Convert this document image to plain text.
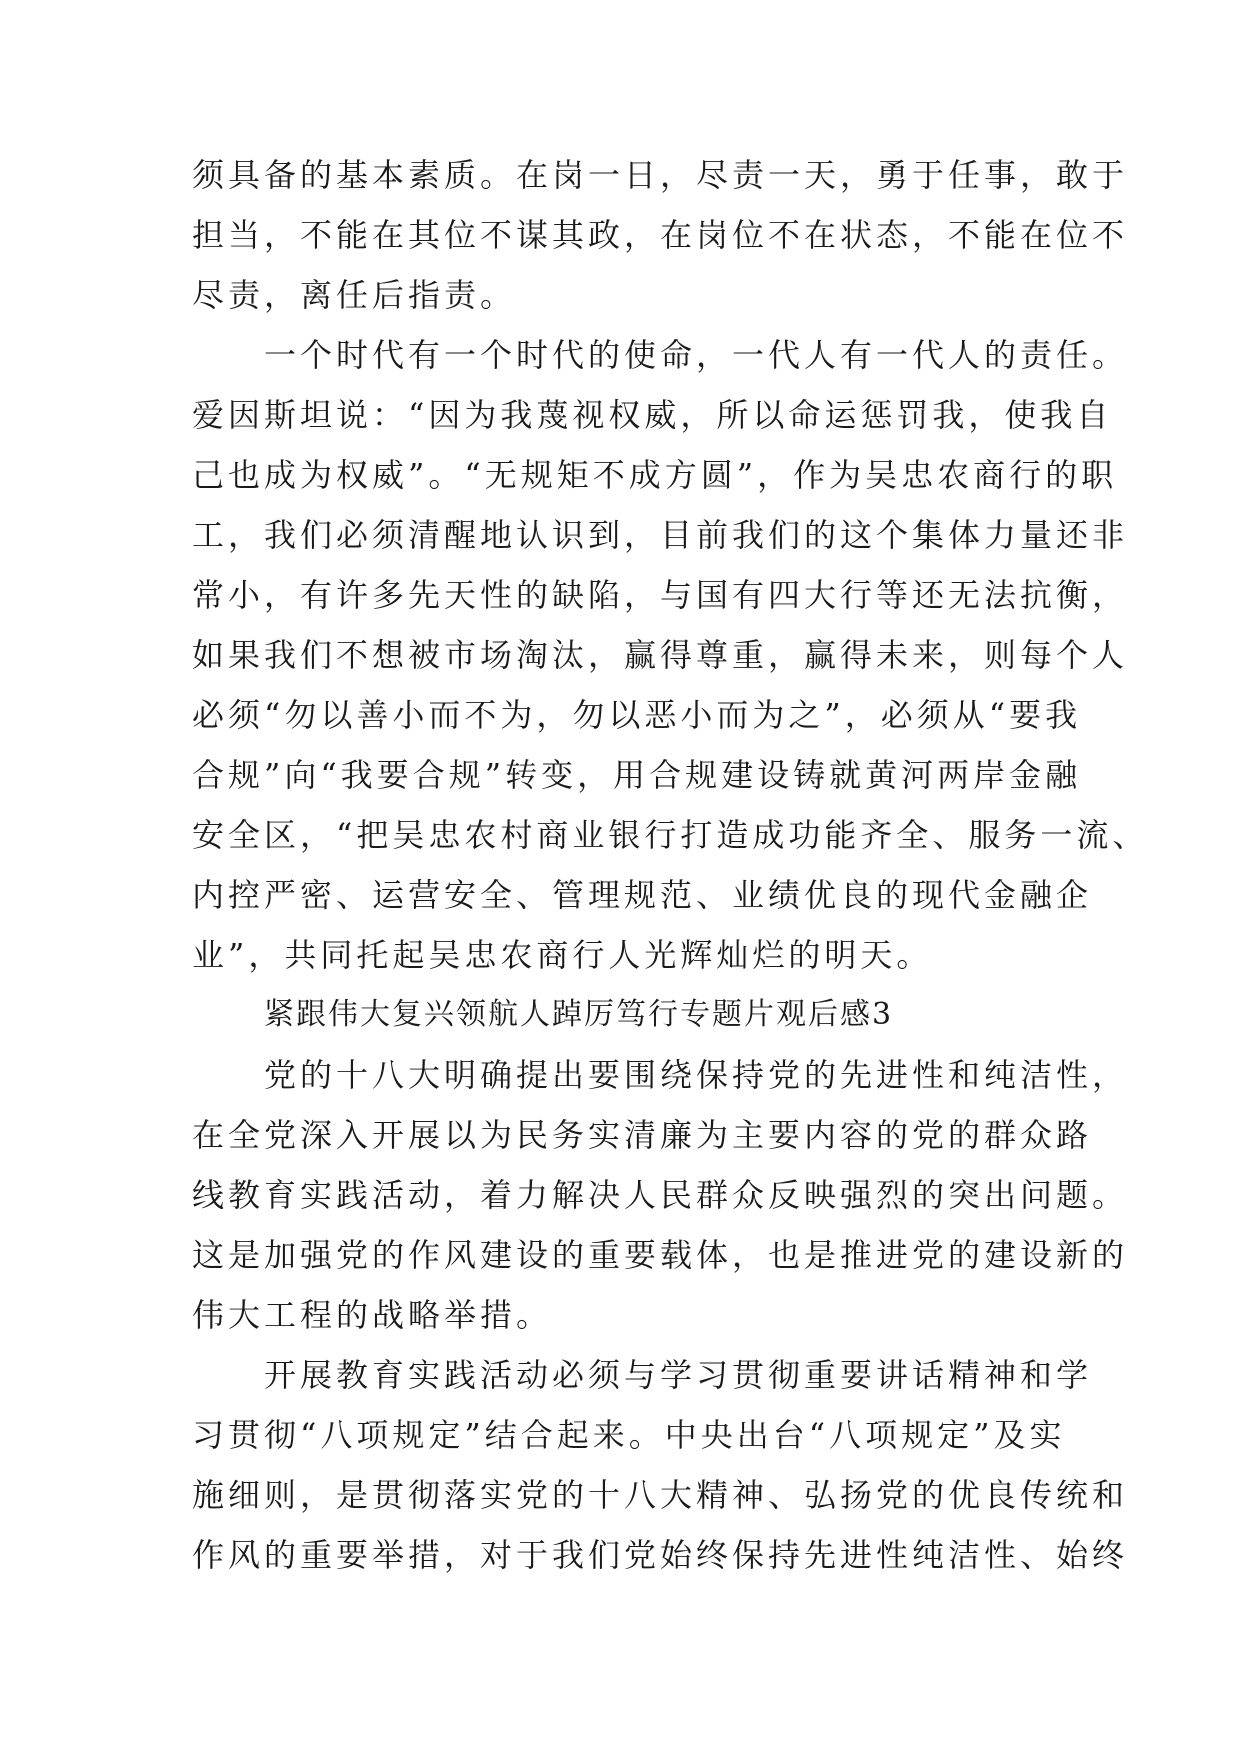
须具备的基本素质。在岗一日，尽责一天，勇于任事，敢于
担当，不能在其位不谋其政，在岗位不在状态，不能在位不
尽责，离任后指责。
一个时代有一个时代的使命，一代人有一代人的责任。
爱因斯坦说：“因为我蔑视权威，所以命运惩罚我，使我自
己也成为权威”。“无规矩不成方圆”，作为吴忠农商行的职
工，我们必须清醒地认识到，目前我们的这个集体力量还非
常小，有许多先天性的缺陷，与国有四大行等还无法抗衡，
如果我们不想被市场淘汰，赢得尊重，赢得未来，则每个人
必须“勿以善小而不为，勿以恶小而为之”，必须从“要我
合规”向“我要合规”转变，用合规建设铸就黄河两岸金融
安全区，“把吴忠农村商业银行打造成功能齐全、服务一流、
内控严密、运营安全、管理规范、业绩优良的现代金融企
业”，共同托起吴忠农商行人光辉灿烂的明天。
紧跟伟大复兴领航人踔厉笃行专题片观后感3
党的十八大明确提出要围绕保持党的先进性和纯洁性，
在全党深入开展以为民务实清廉为主要内容的党的群众路
线教育实践活动，着力解决人民群众反映强烈的突出问题。
这是加强党的作风建设的重要载体，也是推进党的建设新的
伟大工程的战略举措。
开展教育实践活动必须与学习贯彻重要讲话精神和学
习贯彻“八项规定”结合起来。中央出台“八项规定”及实
施细则，是贯彻落实党的十八大精神、弘扬党的优良传统和
作风的重要举措，对于我们党始终保持先进性纯洁性、始终
